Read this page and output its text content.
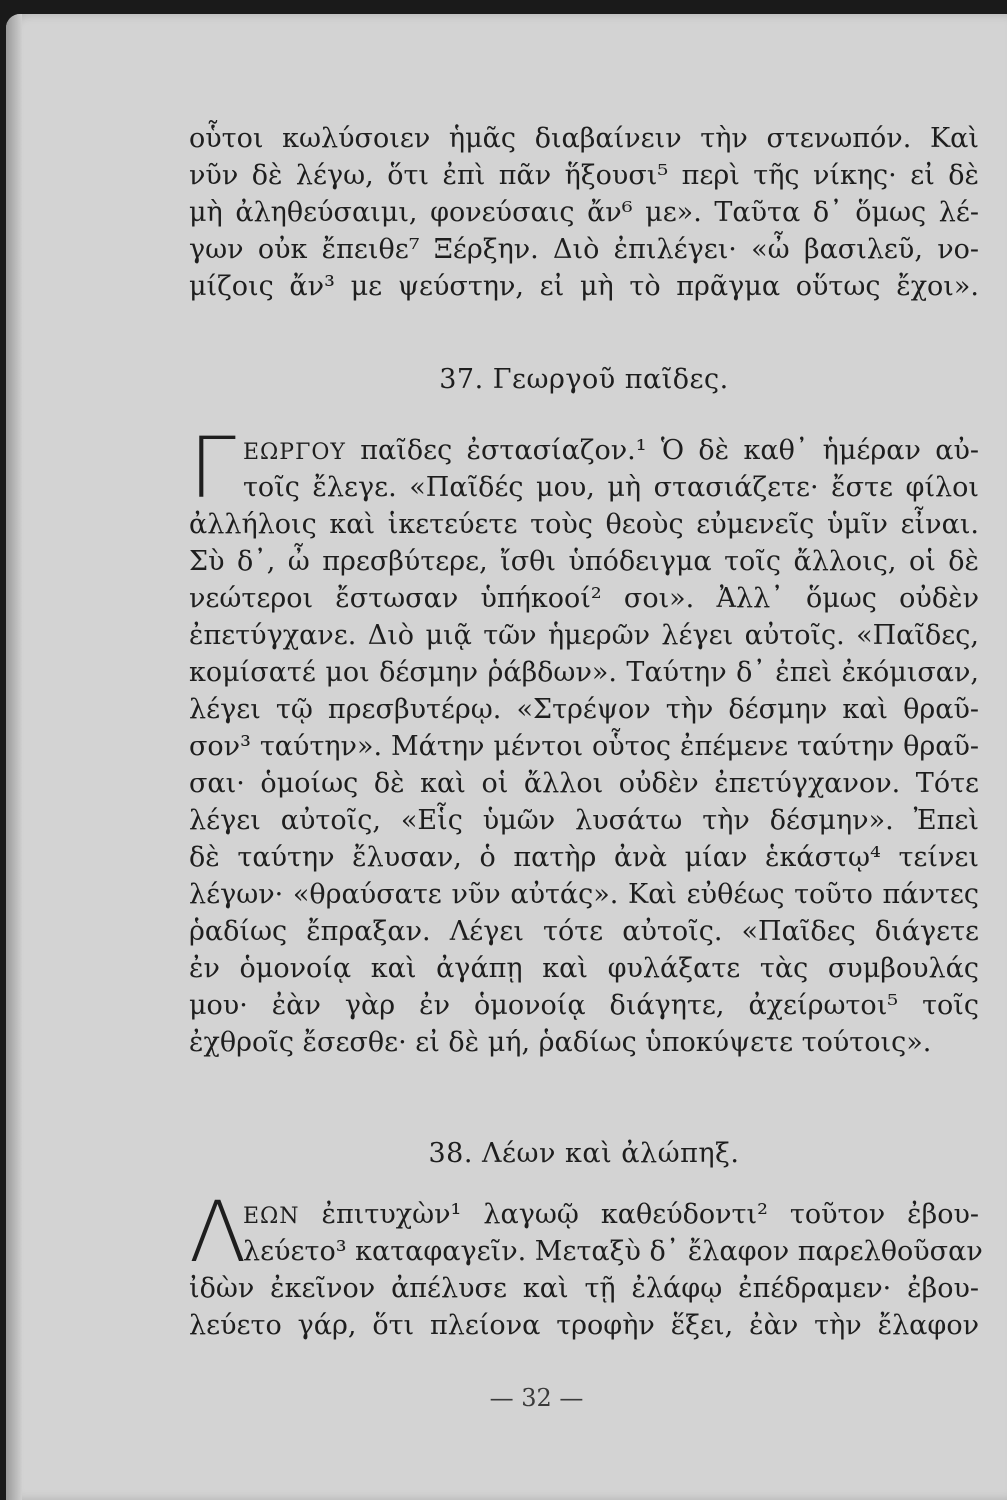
οὗτοι κωλύσοιεν ἡμᾶς διαβαίνειν τὴν στενωπόν. Καὶ
νῦν δὲ λέγω, ὅτι ἐπὶ πᾶν ἥξουσι⁵ περὶ τῆς νίκης· εἰ δὲ
μὴ ἀληθεύσαιμι, φονεύσαις ἄν⁶ με». Ταῦτα δ᾽ ὅμως λέ-
γων οὐκ ἔπειθε⁷ Ξέρξην. Διὸ ἐπιλέγει· «ὦ βασιλεῦ, νο-
μίζοις ἄν³ με ψεύστην, εἰ μὴ τὸ πρᾶγμα οὕτως ἔχοι».
37. Γεωργοῦ παῖδες.
Γ ΕΩΡΓΟΥ παῖδες ἐστασίαζον.¹ Ὁ δὲ καθ᾽ ἡμέραν αὐ-
τοῖς ἔλεγε. «Παῖδές μου, μὴ στασιάζετε· ἔστε φίλοι
ἀλλήλοις καὶ ἱκετεύετε τοὺς θεοὺς εὐμενεῖς ὑμῖν εἶναι.
Σὺ δ᾽, ὦ πρεσβύτερε, ἴσθι ὑπόδειγμα τοῖς ἄλλοις, οἱ δὲ
νεώτεροι ἔστωσαν ὑπήκοοί² σοι». Ἀλλ᾽ ὅμως οὐδὲν
ἐπετύγχανε. Διὸ μιᾷ τῶν ἡμερῶν λέγει αὐτοῖς. «Παῖδες,
κομίσατέ μοι δέσμην ῥάβδων». Ταύτην δ᾽ ἐπεὶ ἐκόμισαν,
λέγει τῷ πρεσβυτέρῳ. «Στρέψον τὴν δέσμην καὶ θραῦ-
σον³ ταύτην». Μάτην μέντοι οὗτος ἐπέμενε ταύτην θραῦ-
σαι· ὁμοίως δὲ καὶ οἱ ἄλλοι οὐδὲν ἐπετύγχανον. Τότε
λέγει αὐτοῖς, «Εἷς ὑμῶν λυσάτω τὴν δέσμην». Ἐπεὶ
δὲ ταύτην ἔλυσαν, ὁ πατὴρ ἀνὰ μίαν ἑκάστῳ⁴ τείνει
λέγων· «θραύσατε νῦν αὐτάς». Καὶ εὐθέως τοῦτο πάντες
ῥαδίως ἔπραξαν. Λέγει τότε αὐτοῖς. «Παῖδες διάγετε
ἐν ὁμονοίᾳ καὶ ἀγάπῃ καὶ φυλάξατε τὰς συμβουλάς
μου· ἐὰν γὰρ ἐν ὁμονοίᾳ διάγητε, ἀχείρωτοι⁵ τοῖς
ἐχθροῖς ἔσεσθε· εἰ δὲ μή, ῥαδίως ὑποκύψετε τούτοις».
38. Λέων καὶ ἀλώπηξ.
Λ
ΕΩΝ ἐπιτυχὼν¹ λαγωῷ καθεύδοντι² τοῦτον ἐβου-
λεύετο³ καταφαγεῖν. Μεταξὺ δ᾽ ἔλαφον παρελθοῦσαν
ἰδὼν ἐκεῖνον ἀπέλυσε καὶ τῇ ἐλάφῳ ἐπέδραμεν· ἐβου-
λεύετο γάρ, ὅτι πλείονα τροφὴν ἕξει, ἐὰν τὴν ἔλαφον
— 32 —
